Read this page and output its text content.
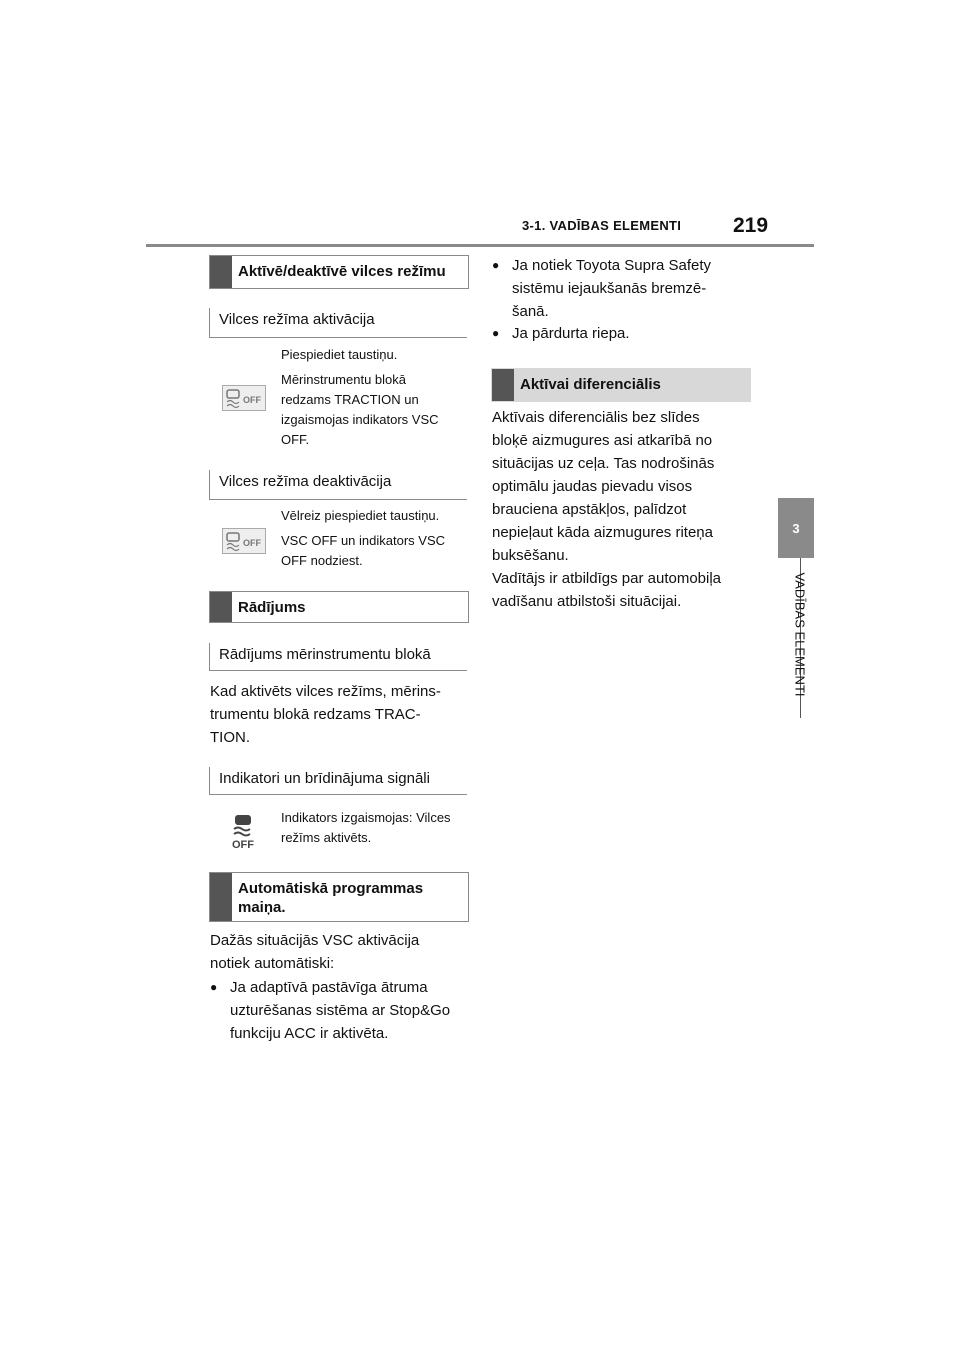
3-1. VADĪBAS ELEMENTI 219
3
VADĪBAS ELEMENTI
Aktīvē/deaktīvē vilces režīmu
Vilces režīma aktivācija
OFF
Piespiediet taustiņu.
Mērinstrumentu blokā
redzams TRACTION un
izgaismojas indikators VSC
OFF.
Vilces režīma deaktivācija
OFF
Vēlreiz piespiediet taustiņu.
VSC OFF un indikators VSC
OFF nodziest.
Rādījums
Rādījums mērinstrumentu blokā
Kad aktivēts vilces režīms, mērins-
trumentu blokā redzams TRAC-
TION.
Indikatori un brīdinājuma signāli
OFF
Indikators izgaismojas: Vilces
režīms aktivēts.
Automātiskā programmas
maiņa.
Dažās situācijās VSC aktivācija
notiek automātiski:
● Ja adaptīvā pastāvīga ātruma
uzturēšanas sistēma ar Stop&Go
funkciju ACC ir aktivēta.
● Ja notiek Toyota Supra Safety
sistēmu iejaukšanās bremzē-
šanā.
● Ja pārdurta riepa.
Aktīvai diferenciālis
Aktīvais diferenciālis bez slīdes
bloķē aizmugures asi atkarībā no
situācijas uz ceļa. Tas nodrošinās
optimālu jaudas pievadu visos
brauciena apstākļos, palīdzot
nepieļaut kāda aizmugures riteņa
buksēšanu.
Vadītājs ir atbildīgs par automobiļa
vadīšanu atbilstoši situācijai.
